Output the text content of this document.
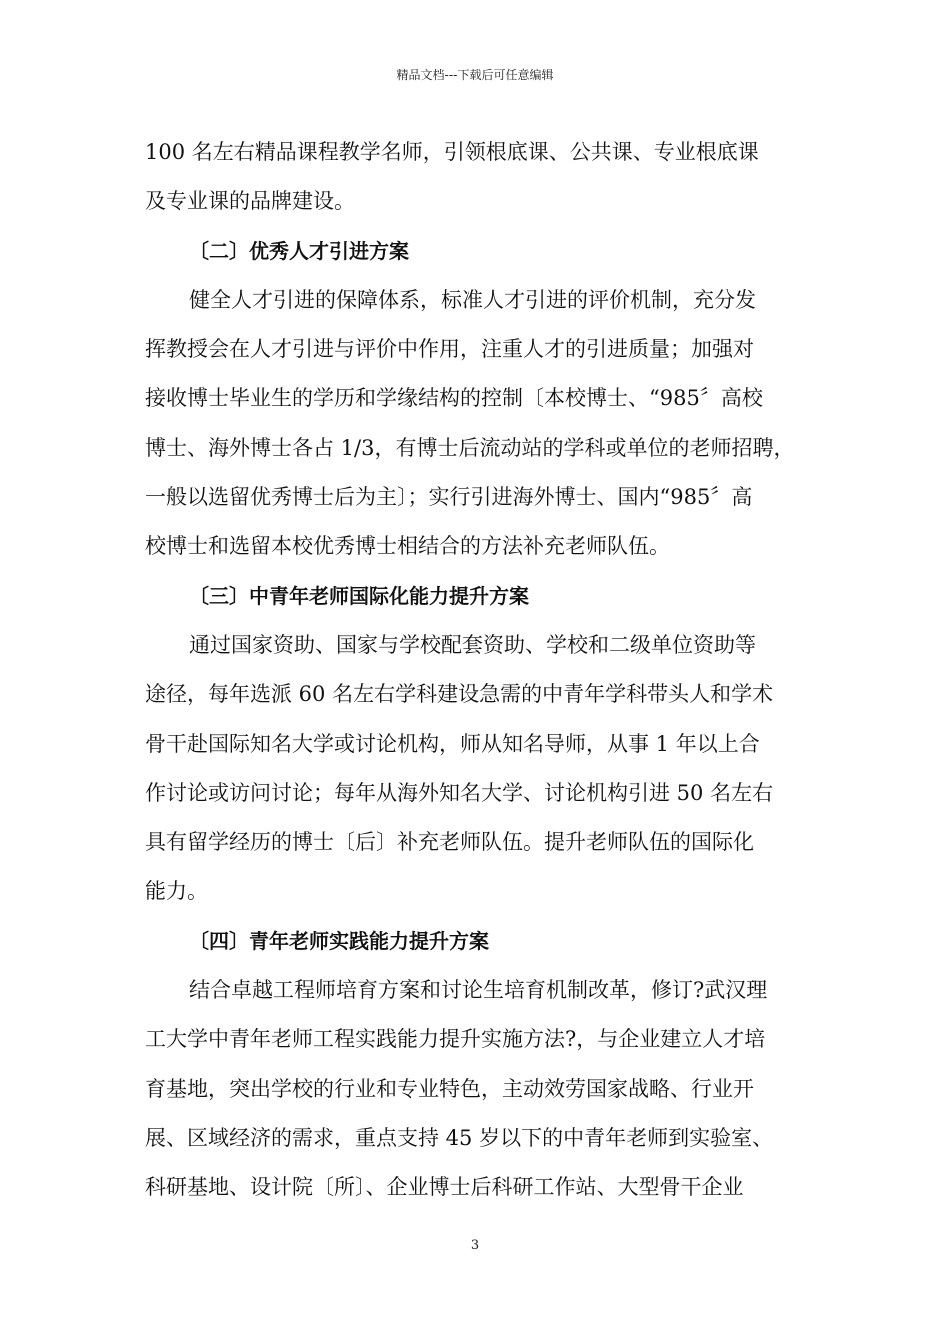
精品文档---下载后可任意编辑
100 名左右精品课程教学名师，引领根底课、公共课、专业根底课
及专业课的品牌建设。
〔二〕优秀人才引进方案
健全人才引进的保障体系，标准人才引进的评价机制，充分发
挥教授会在人才引进与评价中作用，注重人才的引进质量；加强对
接收博士毕业生的学历和学缘结构的控制〔本校博士、“985〞高校
博士、海外博士各占 1/3，有博士后流动站的学科或单位的老师招聘，
一般以选留优秀博士后为主〕；实行引进海外博士、国内“985〞高
校博士和选留本校优秀博士相结合的方法补充老师队伍。
〔三〕中青年老师国际化能力提升方案
通过国家资助、国家与学校配套资助、学校和二级单位资助等
途径，每年选派 60 名左右学科建设急需的中青年学科带头人和学术
骨干赴国际知名大学或讨论机构，师从知名导师，从事 1 年以上合
作讨论或访问讨论；每年从海外知名大学、讨论机构引进 50 名左右
具有留学经历的博士〔后〕补充老师队伍。提升老师队伍的国际化
能力。
〔四〕青年老师实践能力提升方案
结合卓越工程师培育方案和讨论生培育机制改革，修订?武汉理
工大学中青年老师工程实践能力提升实施方法?，与企业建立人才培
育基地，突出学校的行业和专业特色，主动效劳国家战略、行业开
展、区域经济的需求，重点支持 45 岁以下的中青年老师到实验室、
科研基地、设计院〔所〕、企业博士后科研工作站、大型骨干企业
3
